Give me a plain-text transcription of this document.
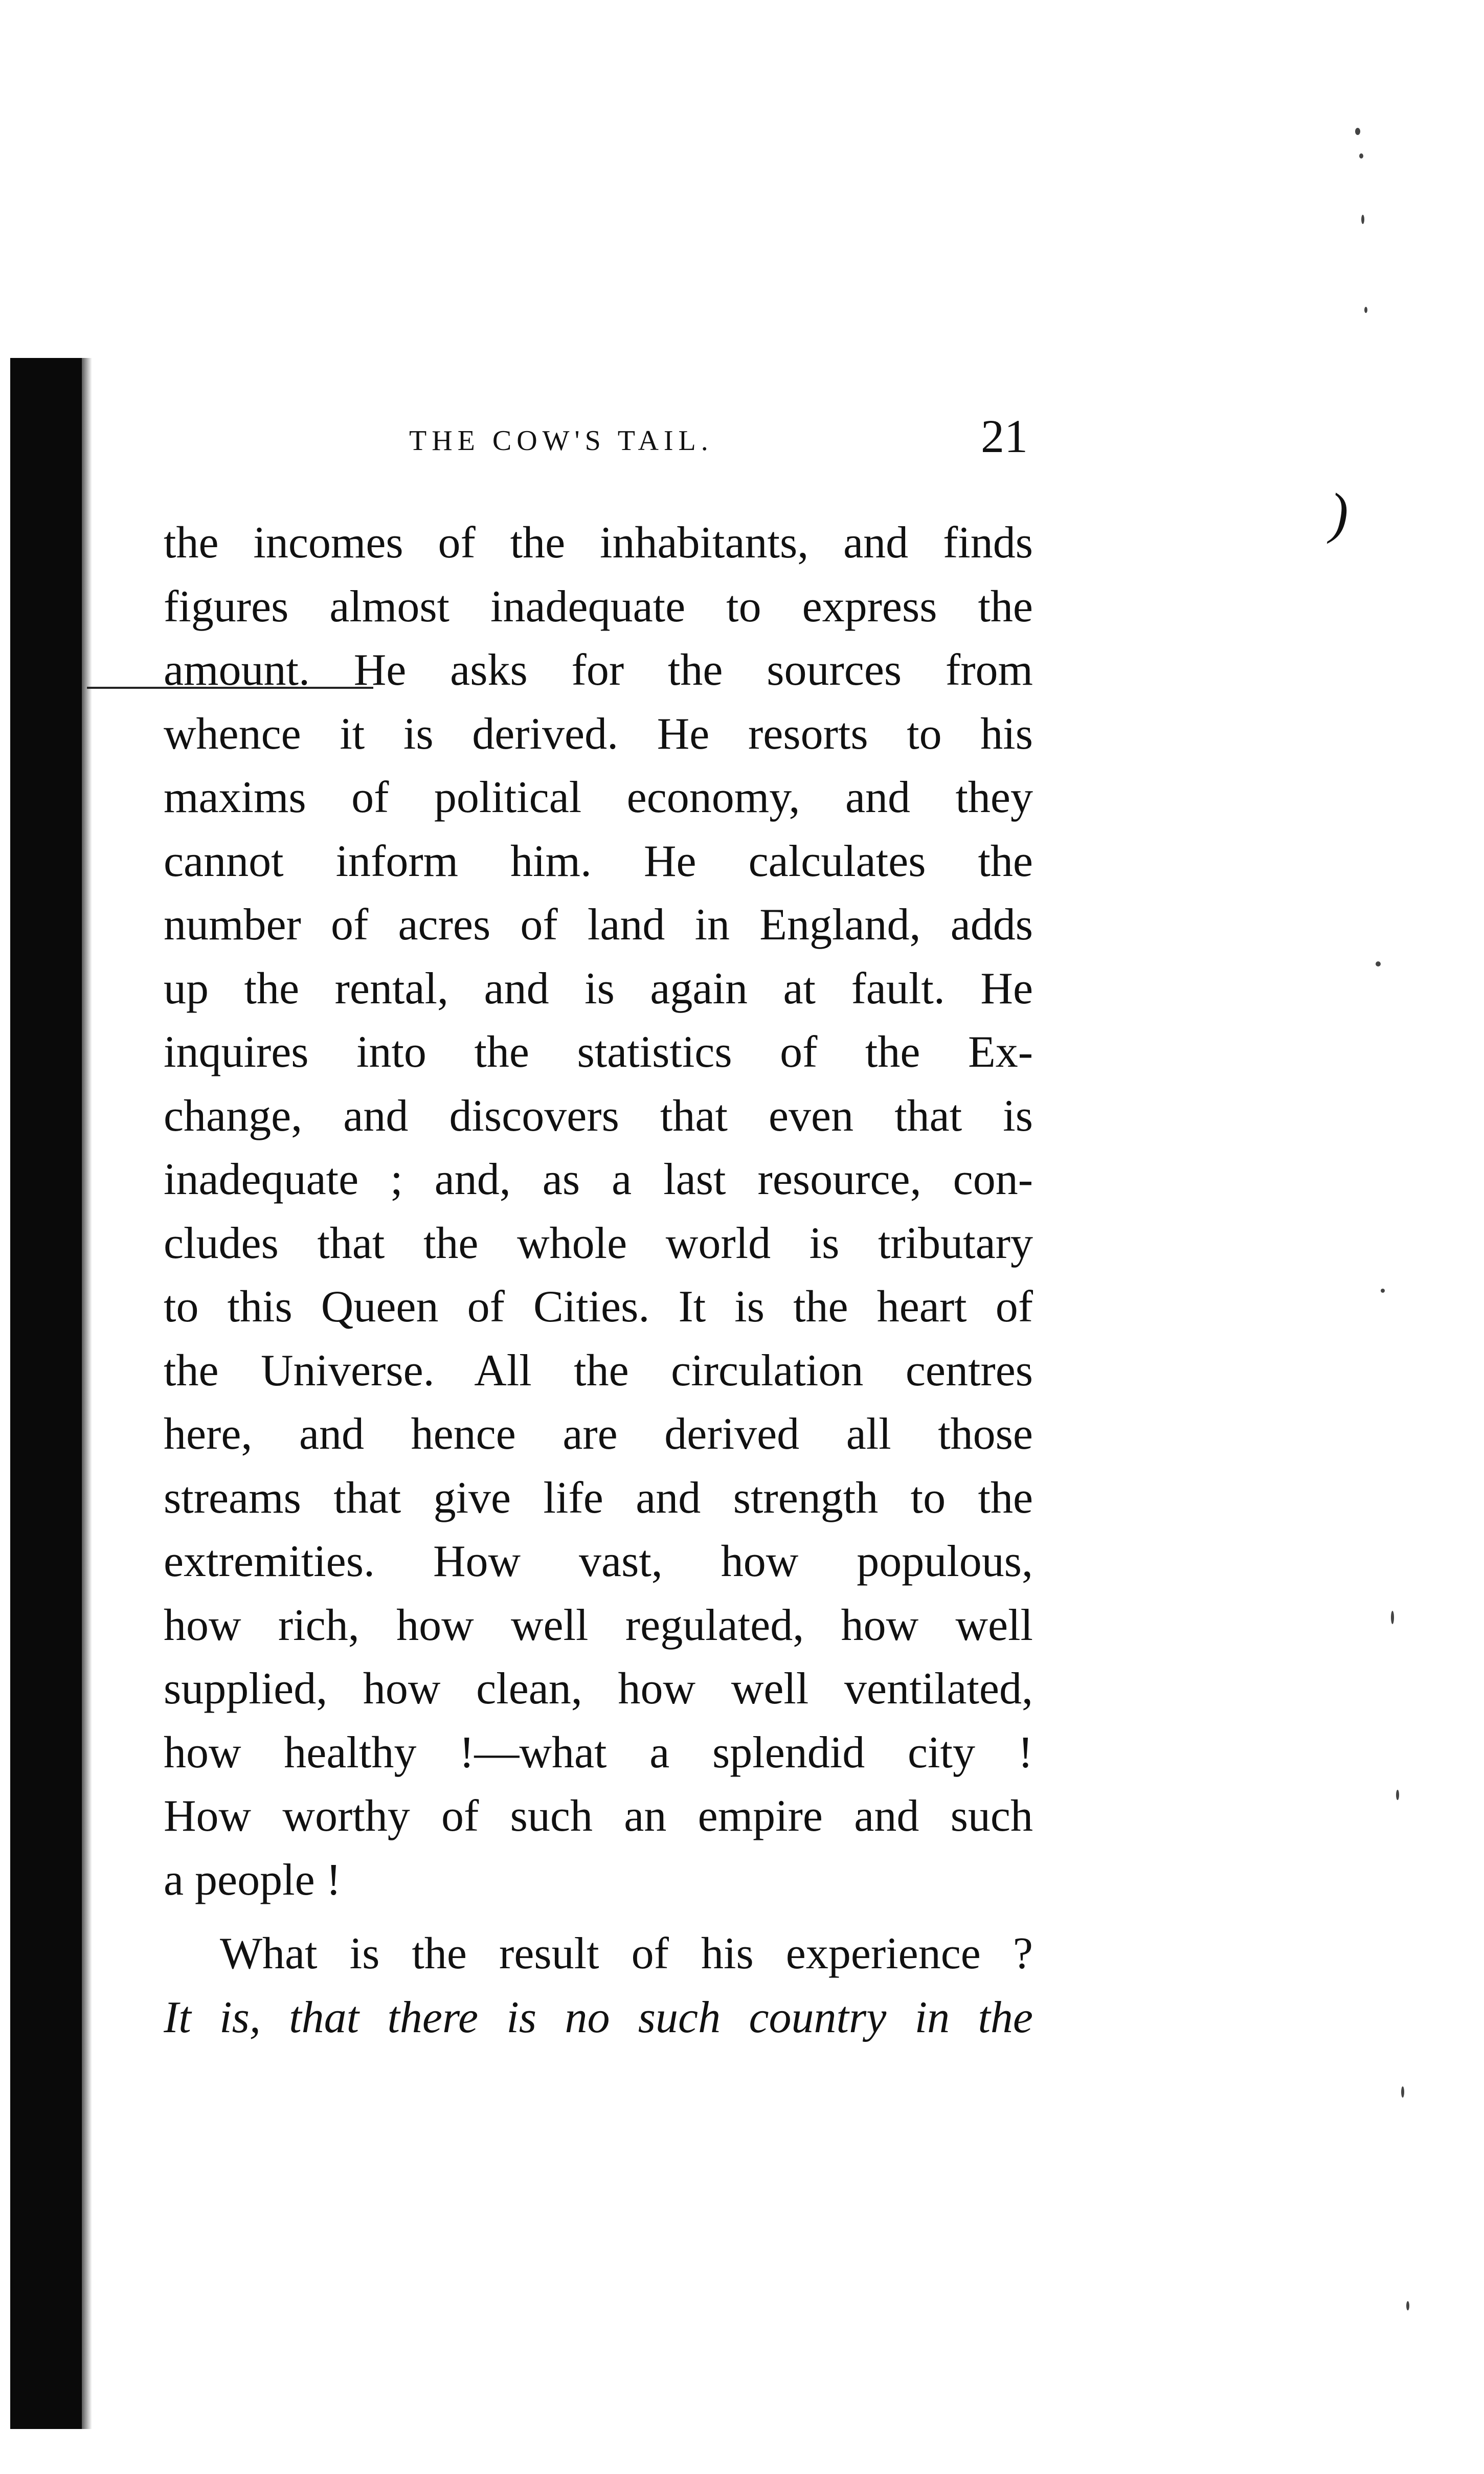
THE COW'S TAIL.	21
)
the incomes of the inhabitants, and finds
figures almost inadequate to express the
amount. He asks for the sources from
whence it is derived. He resorts to his
maxims of political economy, and they
cannot inform him. He calculates the
number of acres of land in England, adds
up the rental, and is again at fault. He
inquires into the statistics of the Ex-
change, and discovers that even that is
inadequate ; and, as a last resource, con-
cludes that the whole world is tributary
to this Queen of Cities. It is the heart of
the Universe. All the circulation centres
here, and hence are derived all those
streams that give life and strength to the
extremities. How vast, how populous,
how rich, how well regulated, how well
supplied, how clean, how well ventilated,
how healthy !—what a splendid city !
How worthy of such an empire and such
a people !
What is the result of his experience ?
It is, that there is no such country in the
